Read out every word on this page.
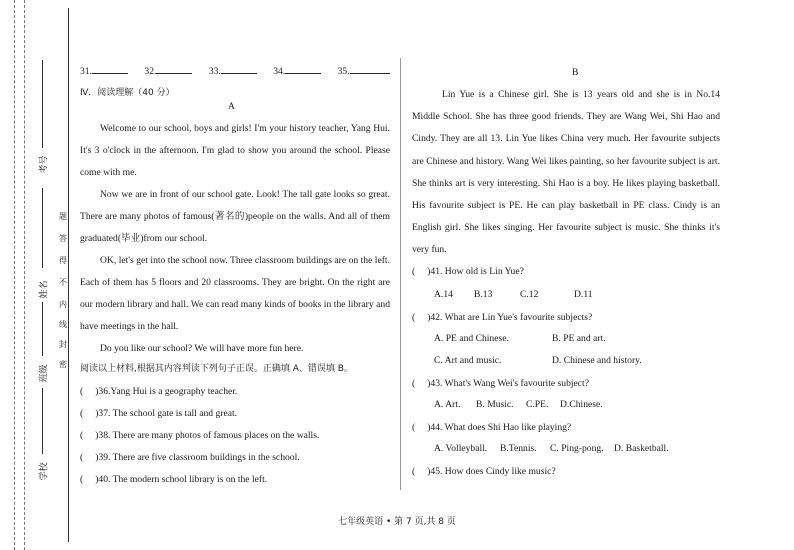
考号
姓名
班级
学校
题
答
得
不
内
线
封
密
31.	32.	33.	34.	35.
Ⅳ．阅读理解（40 分）
A
Welcome to our school, boys and girls! I'm your history teacher, Yang Hui. It's 3 o'clock in the afternoon. I'm glad to show you around the school. Please come with me.
Now we are in front of our school gate. Look! The tall gate looks so great. There are many photos of famous(著名的)people on the walls. And all of them graduated(毕业)from our school.
OK, let's get into the school now. Three classroom buildings are on the left. Each of them has 5 floors and 20 classrooms. They are bright. On the right are our modern library and hall. We can read many kinds of books in the library and have meetings in the hall.
Do you like our school? We will have more fun here.
阅读以上材料,根据其内容判读下列句子正误。正确填 A、错误填 B。
( )36.Yang Hui is a geography teacher.
( )37. The school gate is tall and great.
( )38. There are many photos of famous places on the walls.
( )39. There are five classroom buildings in the school.
( )40. The modern school library is on the left.
B
Lin Yue is a Chinese girl. She is 13 years old and she is in No.14 Middle School. She has three good friends. They are Wang Wei, Shi Hao and Cindy. They are all 13. Lin Yue likes China very much. Her favourite subjects are Chinese and history. Wang Wei likes painting, so her favourite subject is art. She thinks art is very interesting. Shi Hao is a boy. He likes playing basketball. His favourite subject is PE. He can play basketball in PE class. Cindy is an English girl. She likes singing. Her favourite subject is music. She thinks it's very fun.
( )41. How old is Lin Yue?
A.14 B.13	C.12	D.11
( )42. What are Lin Yue's favourite subjects?
A. PE and Chinese.	B. PE and art.
C. Art and music.	D. Chinese and history.
( )43. What's Wang Wei's favourite subject?
A. Art. B. Music. C.PE. D.Chinese.
( )44. What does Shi Hao like playing?
A. Volleyball. B.Tennis. C. Ping-pong. D. Basketball.
( )45. How does Cindy like music?
七年级英语 • 第 7 页,共 8 页
